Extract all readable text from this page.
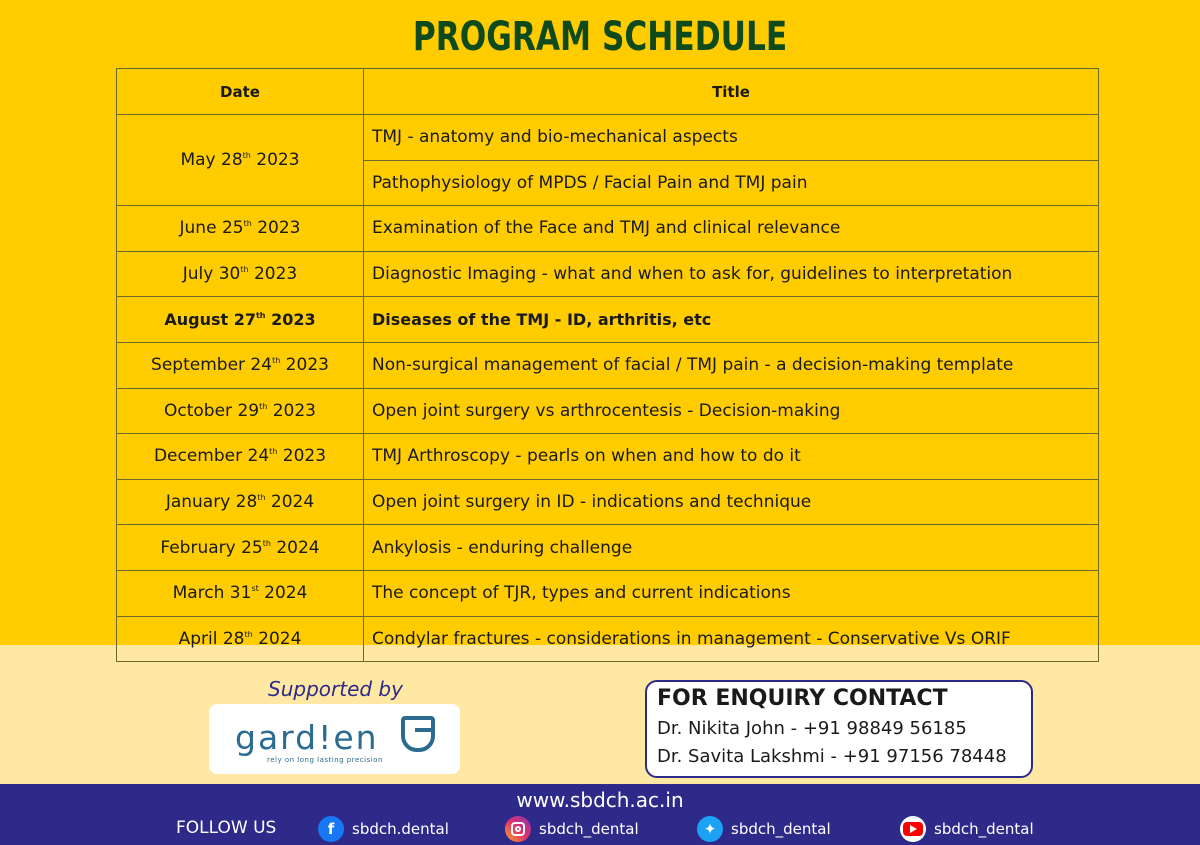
PROGRAM SCHEDULE
Date	Title
May 28th 2023	TMJ - anatomy and bio-mechanical aspects
	Pathophysiology of MPDS / Facial Pain and TMJ pain
June 25th 2023	Examination of the Face and TMJ and clinical relevance
July 30th 2023	Diagnostic Imaging - what and when to ask for, guidelines to interpretation
August 27th 2023	Diseases of the TMJ - ID, arthritis, etc
September 24th 2023	Non-surgical management of facial / TMJ pain - a decision-making template
October 29th 2023	Open joint surgery vs arthrocentesis - Decision-making
December 24th 2023	TMJ Arthroscopy - pearls on when and how to do it
January 28th 2024	Open joint surgery in ID - indications and technique
February 25th 2024	Ankylosis - enduring challenge
March 31st 2024	The concept of TJR, types and current indications
April 28th 2024	Condylar fractures - considerations in management - Conservative Vs ORIF
Supported by
gard!en
rely on long lasting precision
FOR ENQUIRY CONTACT
Dr. Nikita John - +91 98849 56185
Dr. Savita Lakshmi - +91 97156 78448
www.sbdch.ac.in
FOLLOW US	f	sbdch.dental	sbdch_dental	✦ sbdch_dental	sbdch_dental
